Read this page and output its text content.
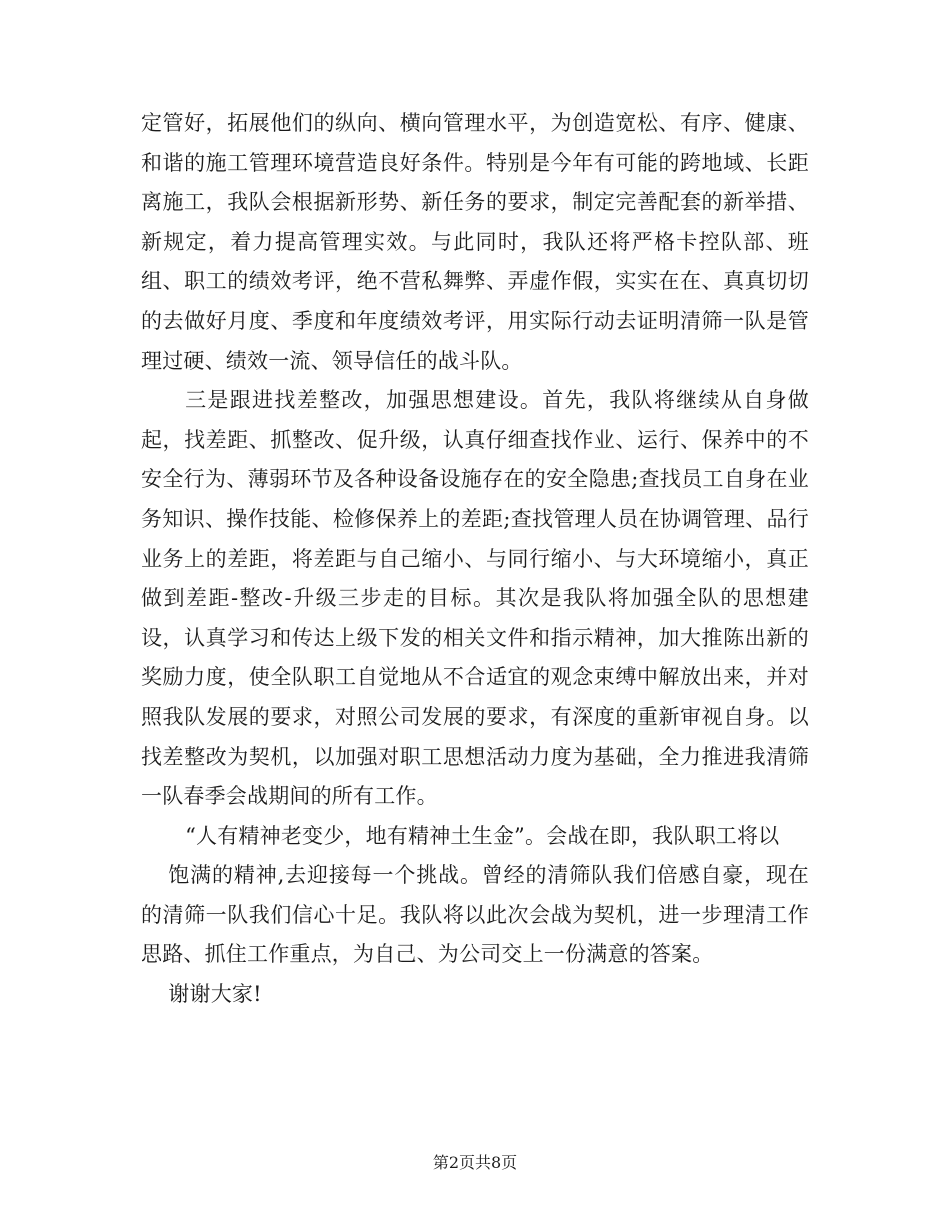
定管好，拓展他们的纵向、横向管理水平，为创造宽松、有序、健康、和谐的施工管理环境营造良好条件。特别是今年有可能的跨地域、长距离施工，我队会根据新形势、新任务的要求，制定完善配套的新举措、新规定，着力提高管理实效。与此同时，我队还将严格卡控队部、班组、职工的绩效考评，绝不营私舞弊、弄虚作假，实实在在、真真切切的去做好月度、季度和年度绩效考评，用实际行动去证明清筛一队是管理过硬、绩效一流、领导信任的战斗队。

三是跟进找差整改，加强思想建设。首先，我队将继续从自身做起，找差距、抓整改、促升级，认真仔细查找作业、运行、保养中的不安全行为、薄弱环节及各种设备设施存在的安全隐患;查找员工自身在业务知识、操作技能、检修保养上的差距;查找管理人员在协调管理、品行业务上的差距，将差距与自己缩小、与同行缩小、与大环境缩小，真正做到差距-整改-升级三步走的目标。其次是我队将加强全队的思想建设，认真学习和传达上级下发的相关文件和指示精神，加大推陈出新的奖励力度，使全队职工自觉地从不合适宜的观念束缚中解放出来，并对照我队发展的要求，对照公司发展的要求，有深度的重新审视自身。以找差整改为契机，以加强对职工思想活动力度为基础，全力推进我清筛一队春季会战期间的所有工作。

“人有精神老变少，地有精神土生金”。会战在即，我队职工将以

饱满的精神,去迎接每一个挑战。曾经的清筛队我们倍感自豪，现在的清筛一队我们信心十足。我队将以此次会战为契机，进一步理清工作思路、抓住工作重点，为自己、为公司交上一份满意的答案。

谢谢大家!

第2页共8页
